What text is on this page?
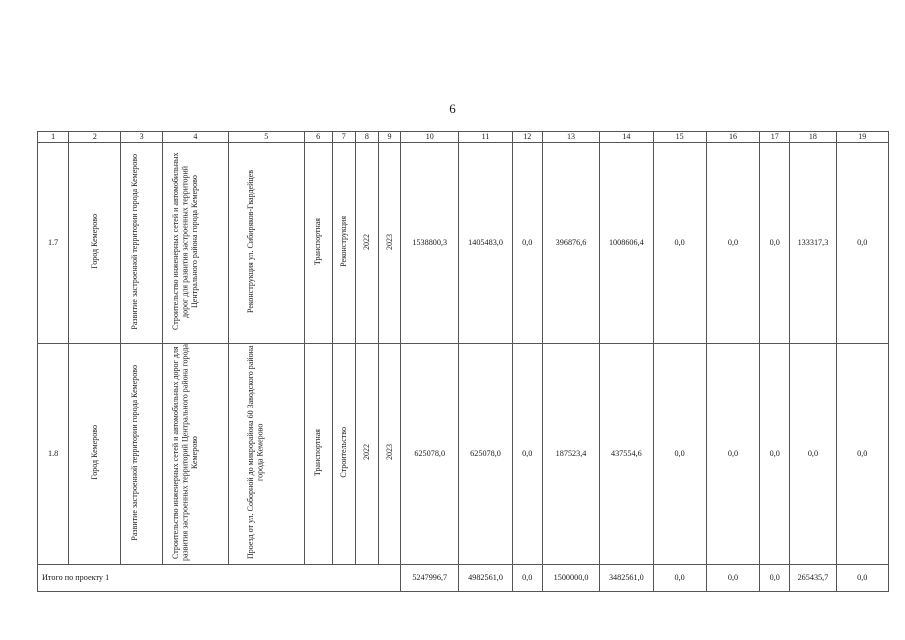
6
1	2	3	4	5	6	7	8	9	10	11	12	13	14	15	16	17	18	19
1.7	Город Кемерово	Развитие застроенной территории города Кемерово	Строительство инженерных сетей и автомобильных дорог для развития застроенных территорий Центрального района города Кемерово	Реконструкция ул. Сибиряков-Гвардейцев	Транспортная	Реконструкция	2022	2023	1538800,3	1405483,0	0,0	396876,6	1008606,4	0,0	0,0	0,0	133317,3	0,0
1.8	Город Кемерово	Развитие застроенной территории города Кемерово	Строительство инженерных сетей и автомобильных дорог для развития застроенных территорий Центрального района города Кемерово	Проезд от ул. Соборной до микрорайона 60 Заводского района города Кемерово	Транспортная	Строительство	2022	2023	625078,0	625078,0	0,0	187523,4	437554,6	0,0	0,0	0,0	0,0	0,0
Итого по проекту 1									5247996,7	4982561,0	0,0	1500000,0	3482561,0	0,0	0,0	0,0	265435,7	0,0
